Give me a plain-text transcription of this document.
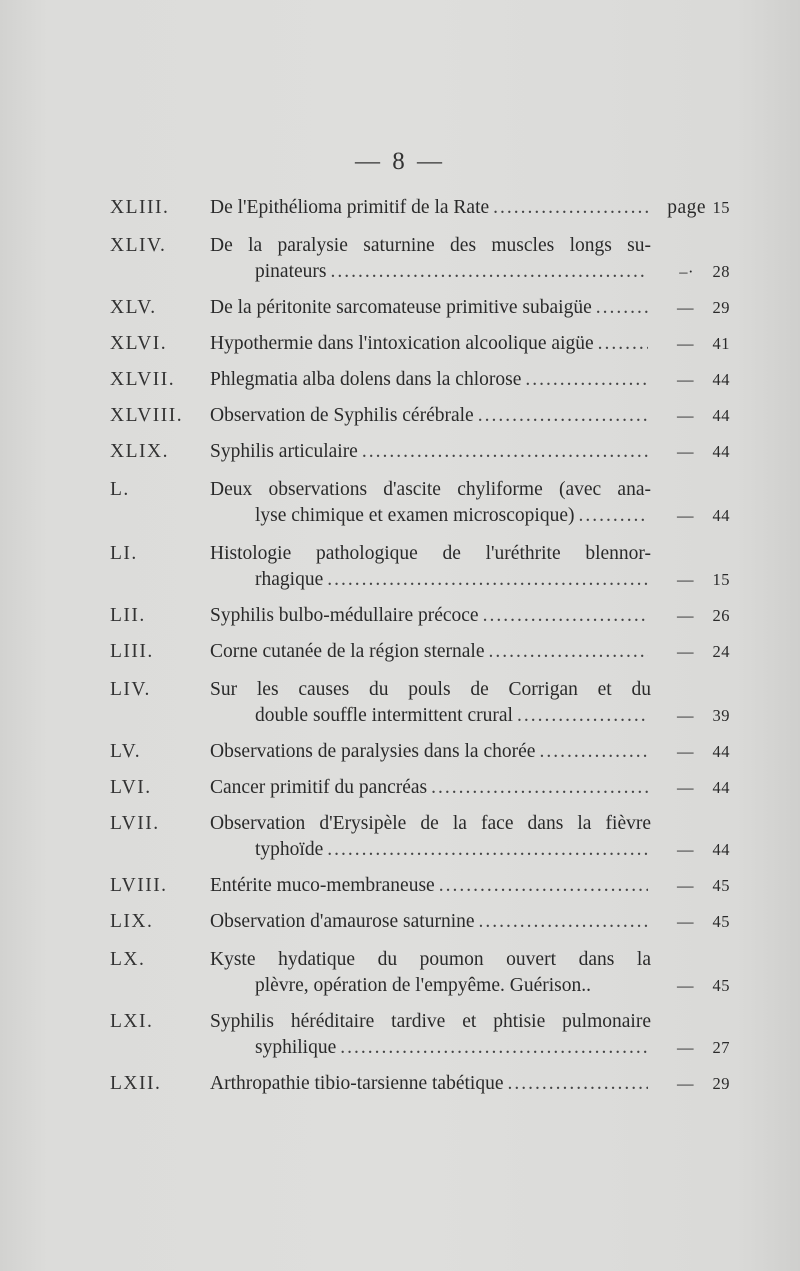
— 8 —
XLIII.	De l'Epithélioma primitif de la Rate .....	page 15
XLIV.	De la paralysie saturnine des muscles longs su-
pinateurs .....	–· 28
XLV.	De la péritonite sarcomateuse primitive subaigüe .....	— 29
XLVI.	Hypothermie dans l'intoxication alcoolique aigüe .....	— 41
XLVII.	Phlegmatia alba dolens dans la chlorose .....	— 44
XLVIII.	Observation de Syphilis cérébrale .....	— 44
XLIX.	Syphilis articulaire .....	— 44
L.	Deux observations d'ascite chyliforme (avec ana-
lyse chimique et examen microscopique) .....	— 44
LI.	Histologie pathologique de l'uréthrite blennor-
rhagique .....	— 15
LII.	Syphilis bulbo-médullaire précoce .....	— 26
LIII.	Corne cutanée de la région sternale .....	— 24
LIV.	Sur les causes du pouls de Corrigan et du
double souffle intermittent crural .....	— 39
LV.	Observations de paralysies dans la chorée .....	— 44
LVI.	Cancer primitif du pancréas .....	— 44
LVII.	Observation d'Erysipèle de la face dans la fièvre
typhoïde .....	— 44
LVIII.	Entérite muco-membraneuse .....	— 45
LIX.	Observation d'amaurose saturnine .....	— 45
LX.	Kyste hydatique du poumon ouvert dans la
plèvre, opération de l'empyême. Guérison..	— 45
LXI.	Syphilis héréditaire tardive et phtisie pulmonaire
syphilique .....	— 27
LXII.	Arthropathie tibio-tarsienne tabétique .....	— 29
